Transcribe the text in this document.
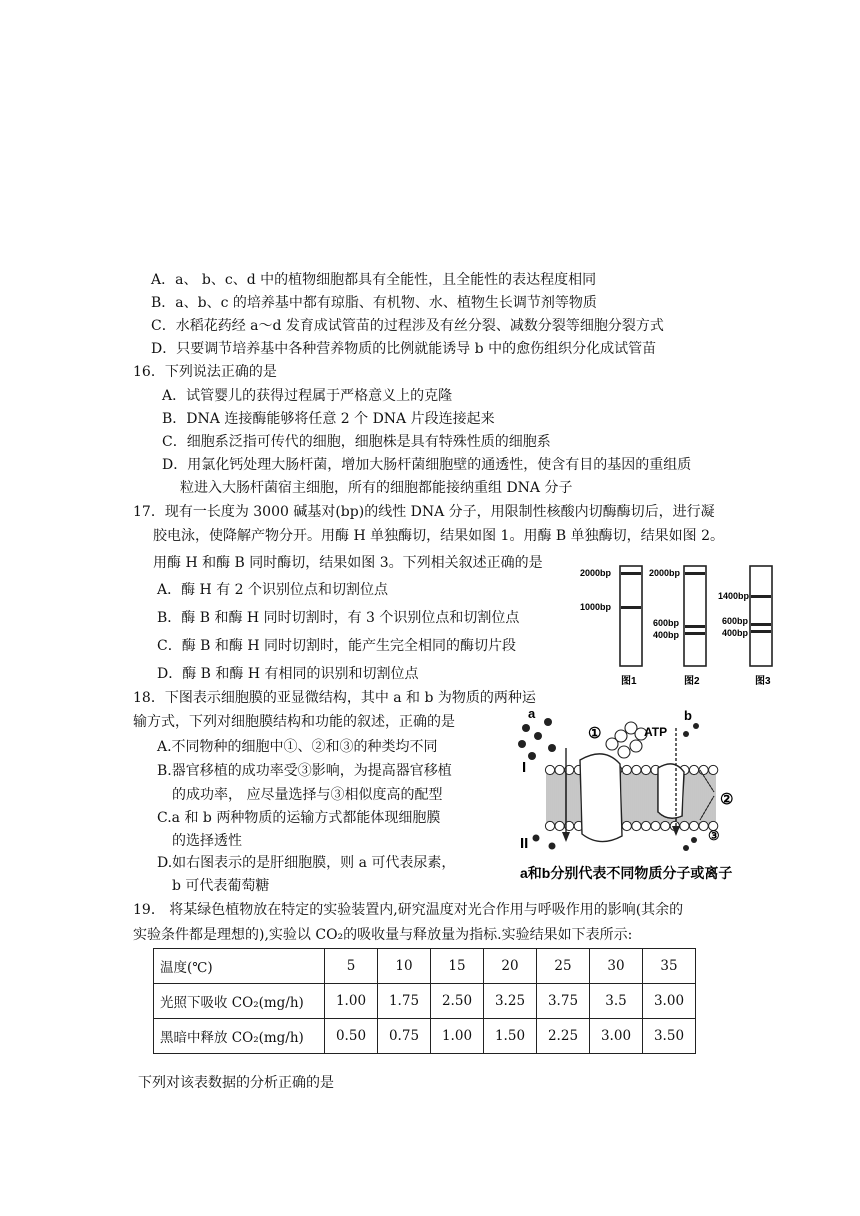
A．a、 b、c、d 中的植物细胞都具有全能性，且全能性的表达程度相同
B．a、b、c 的培养基中都有琼脂、有机物、水、植物生长调节剂等物质
C．水稻花药经 a～d 发育成试管苗的过程涉及有丝分裂、减数分裂等细胞分裂方式
D．只要调节培养基中各种营养物质的比例就能诱导 b 中的愈伤组织分化成试管苗
16．下列说法正确的是
A．试管婴儿的获得过程属于严格意义上的克隆
B．DNA 连接酶能够将任意 2 个 DNA 片段连接起来
C．细胞系泛指可传代的细胞，细胞株是具有特殊性质的细胞系
D．用氯化钙处理大肠杆菌，增加大肠杆菌细胞壁的通透性，使含有目的基因的重组质
粒进入大肠杆菌宿主细胞，所有的细胞都能接纳重组 DNA 分子
17．现有一长度为 3000 碱基对(bp)的线性 DNA 分子，用限制性核酸内切酶酶切后，进行凝
胶电泳，使降解产物分开。用酶 H 单独酶切，结果如图 1。用酶 B 单独酶切，结果如图 2。
用酶 H 和酶 B 同时酶切，结果如图 3。下列相关叙述正确的是
A．酶 H 有 2 个识别位点和切割位点
B．酶 B 和酶 H 同时切割时，有 3 个识别位点和切割位点
C．酶 B 和酶 H 同时切割时，能产生完全相同的酶切片段
D．酶 B 和酶 H 有相同的识别和切割位点
2000bp
1000bp
图1
2000bp
600bp
400bp
图2
1400bp
600bp
400bp
图3
18．下图表示细胞膜的亚显微结构，其中 a 和 b 为物质的两种运
输方式，下列对细胞膜结构和功能的叙述，正确的是
A.不同物种的细胞中①、②和③的种类均不同
B.器官移植的成功率受③影响，为提高器官移植
的成功率， 应尽量选择与③相似度高的配型
C.a 和 b 两种物质的运输方式都能体现细胞膜
的选择透性
D.如右图表示的是肝细胞膜，则 a 可代表尿素，
b 可代表葡萄糖
a	b
ATP
①
②
③
I
II
a和b分别代表不同物质分子或离子
19． 将某绿色植物放在特定的实验装置内,研究温度对光合作用与呼吸作用的影响(其余的
实验条件都是理想的),实验以 CO₂的吸收量与释放量为指标.实验结果如下表所示:
温度(℃)	5	10	15	20	25	30	35
光照下吸收 CO₂(mg/h)	1.00	1.75	2.50	3.25	3.75	3.5	3.00
黑暗中释放 CO₂(mg/h)	0.50	0.75	1.00	1.50	2.25	3.00	3.50
下列对该表数据的分析正确的是
